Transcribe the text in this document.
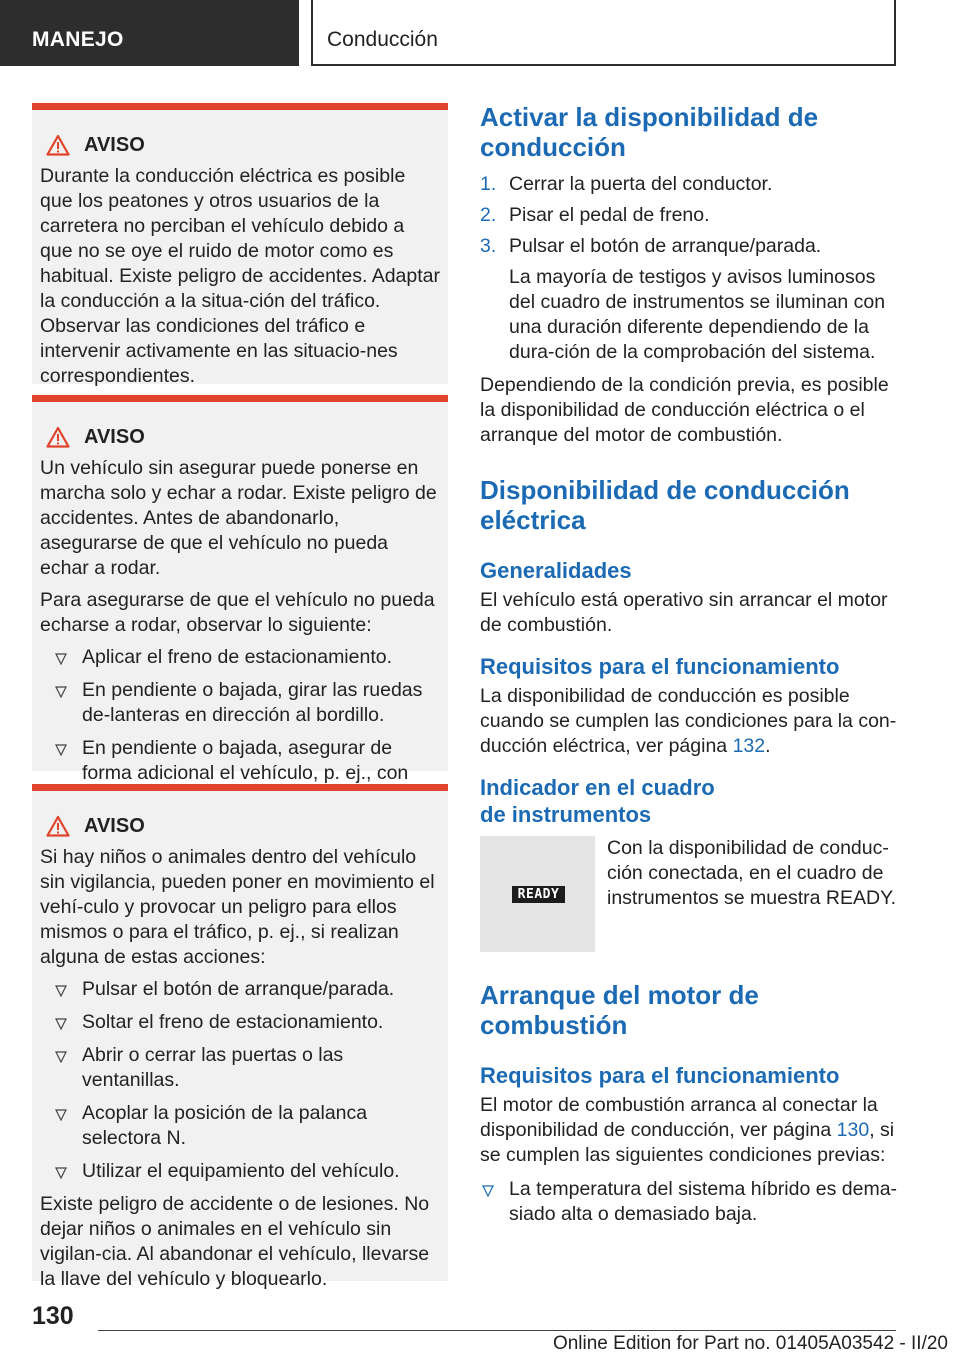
MANEJO	Conducción
AVISO

Durante la conducción eléctrica es posible que los peatones y otros usuarios de la carretera no perciban el vehículo debido a que no se oye el ruido de motor como es habitual. Existe peligro de accidentes. Adaptar la conducción a la situa-ción del tráfico. Observar las condiciones del tráfico e intervenir activamente en las situacio-nes correspondientes.

AVISO

Un vehículo sin asegurar puede ponerse en marcha solo y echar a rodar. Existe peligro de accidentes. Antes de abandonarlo, asegurarse de que el vehículo no pueda echar a rodar.

Para asegurarse de que el vehículo no pueda echarse a rodar, observar lo siguiente:

Aplicar el freno de estacionamiento.
En pendiente o bajada, girar las ruedas de-lanteras en dirección al bordillo.
En pendiente o bajada, asegurar de forma adicional el vehículo, p. ej., con
AVISO

Si hay niños o animales dentro del vehículo sin vigilancia, pueden poner en movimiento el vehí-culo y provocar un peligro para ellos mismos o para el tráfico, p. ej., si realizan alguna de estas acciones:

Pulsar el botón de arranque/parada.
Soltar el freno de estacionamiento.
Abrir o cerrar las puertas o las ventanillas.
Acoplar la posición de la palanca selectora N.
Utilizar el equipamiento del vehículo.

Existe peligro de accidente o de lesiones. No dejar niños o animales en el vehículo sin vigilan-cia. Al abandonar el vehículo, llevarse la llave del vehículo y bloquearlo.

Activar la disponibilidad de conducción
1. Cerrar la puerta del conductor.
2. Pisar el pedal de freno.
3. Pulsar el botón de arranque/parada.
La mayoría de testigos y avisos luminosos del cuadro de instrumentos se iluminan con una duración diferente dependiendo de la dura-ción de la comprobación del sistema.

Dependiendo de la condición previa, es posible la disponibilidad de conducción eléctrica o el arranque del motor de combustión.

Disponibilidad de conducción eléctrica
Generalidades

El vehículo está operativo sin arrancar el motor de combustión.

Requisitos para el funcionamiento

La disponibilidad de conducción es posible cuando se cumplen las condiciones para la con-ducción eléctrica, ver página 132.

Indicador en el cuadro
de instrumentos
READY
Con la disponibilidad de conduc-ción conectada, en el cuadro de instrumentos se muestra READY.
Arranque del motor de combustión
Requisitos para el funcionamiento

El motor de combustión arranca al conectar la disponibilidad de conducción, ver página 130, si se cumplen las siguientes condiciones previas:

La temperatura del sistema híbrido es dema-siado alta o demasiado baja.
130
Online Edition for Part no. 01405A03542 - II/20
